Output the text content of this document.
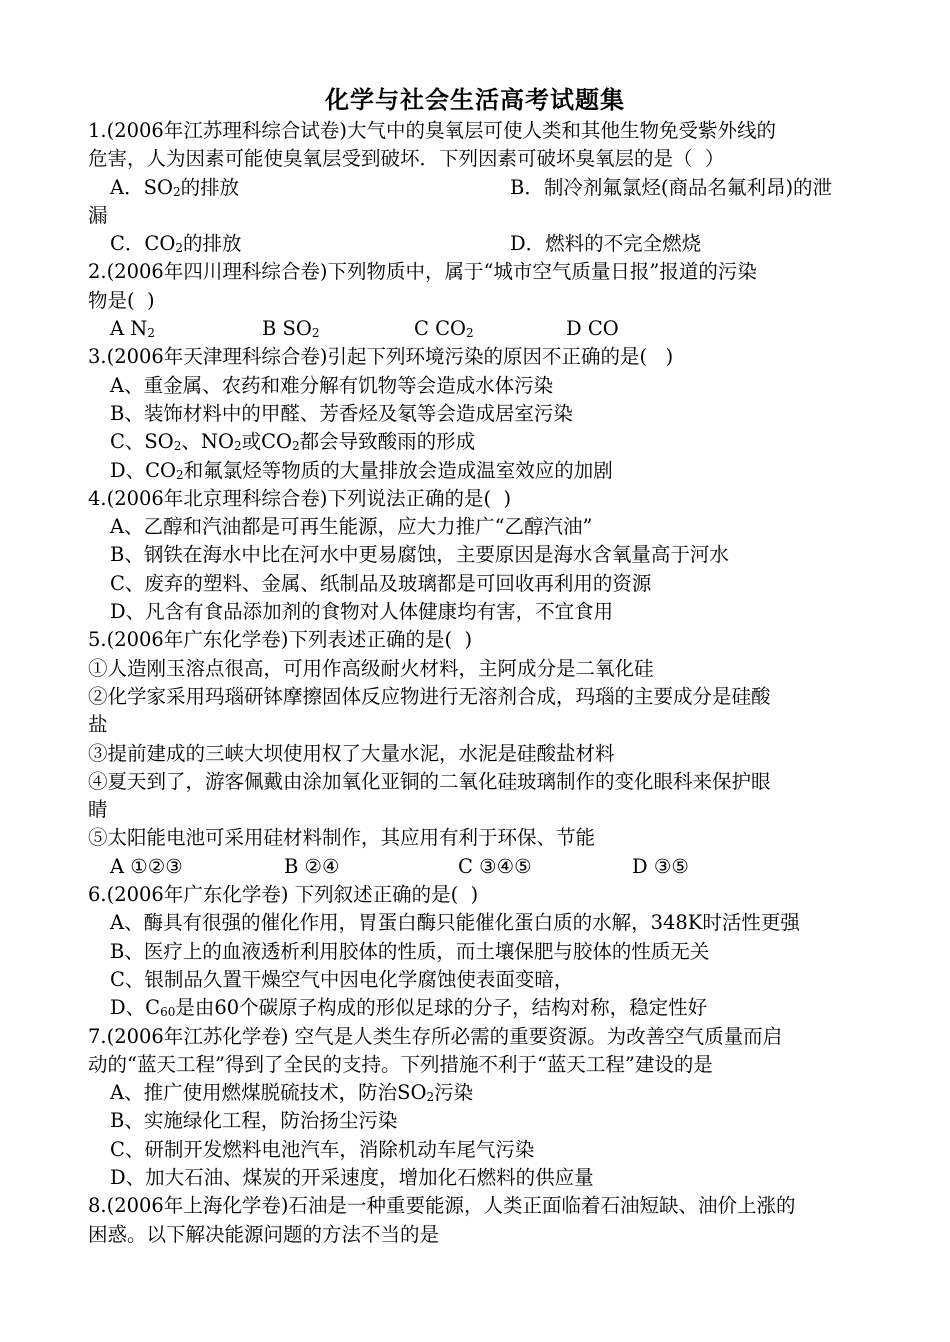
化学与社会生活高考试题集
1.(2006年江苏理科综合试卷)大气中的臭氧层可使人类和其他生物免受紫外线的
危害，人为因素可能使臭氧层受到破坏．下列因素可破坏臭氧层的是（  ）
A．$SO_2$的排放	B．制冷剂氟氯烃(商品名氟利昂)的泄
漏
C．$CO_2$的排放	D．燃料的不完全燃烧
2.(2006年四川理科综合卷)下列物质中，属于“城市空气质量日报”报道的污染
物是(  )
A $N_2$	B $SO_2$	C $CO_2$	D CO
3.(2006年天津理科综合卷)引起下列环境污染的原因不正确的是(   )
A、重金属、农药和难分解有饥物等会造成水体污染
B、装饰材料中的甲醛、芳香烃及氡等会造成居室污染
C、$SO_2$、$NO_2$或$CO_2$都会导致酸雨的形成
D、$CO_2$和氟氯烃等物质的大量排放会造成温室效应的加剧
4.(2006年北京理科综合卷)下列说法正确的是(  )
A、乙醇和汽油都是可再生能源，应大力推广“乙醇汽油”
B、钢铁在海水中比在河水中更易腐蚀，主要原因是海水含氧量高于河水
C、废弃的塑料、金属、纸制品及玻璃都是可回收再利用的资源
D、凡含有食品添加剂的食物对人体健康均有害，不宜食用
5.(2006年广东化学卷)下列表述正确的是(  )
①人造刚玉溶点很高，可用作高级耐火材料，主阿成分是二氧化硅
②化学家采用玛瑙研钵摩擦固体反应物进行无溶剂合成，玛瑙的主要成分是硅酸
盐
③提前建成的三峡大坝使用权了大量水泥，水泥是硅酸盐材料
④夏天到了，游客佩戴由涂加氧化亚铜的二氧化硅玻璃制作的变化眼科来保护眼
睛
⑤太阳能电池可采用硅材料制作，其应用有利于环保、节能
A ①②③	B ②④	C ③④⑤	D ③⑤
6.(2006年广东化学卷) 下列叙述正确的是(  )
A、酶具有很强的催化作用，胃蛋白酶只能催化蛋白质的水解，348K时活性更强
B、医疗上的血液透析利用胶体的性质，而土壤保肥与胶体的性质无关
C、银制品久置干燥空气中因电化学腐蚀使表面变暗，
D、$C_{60}$是由60个碳原子构成的形似足球的分子，结构对称，稳定性好
7.(2006年江苏化学卷) 空气是人类生存所必需的重要资源。为改善空气质量而启
动的“蓝天工程”得到了全民的支持。下列措施不利于“蓝天工程”建设的是
A、推广使用燃煤脱硫技术，防治$SO_2$污染
B、实施绿化工程，防治扬尘污染
C、研制开发燃料电池汽车，消除机动车尾气污染
D、加大石油、煤炭的开采速度，增加化石燃料的供应量
8.(2006年上海化学卷)石油是一种重要能源，人类正面临着石油短缺、油价上涨的
困惑。以下解决能源问题的方法不当的是
